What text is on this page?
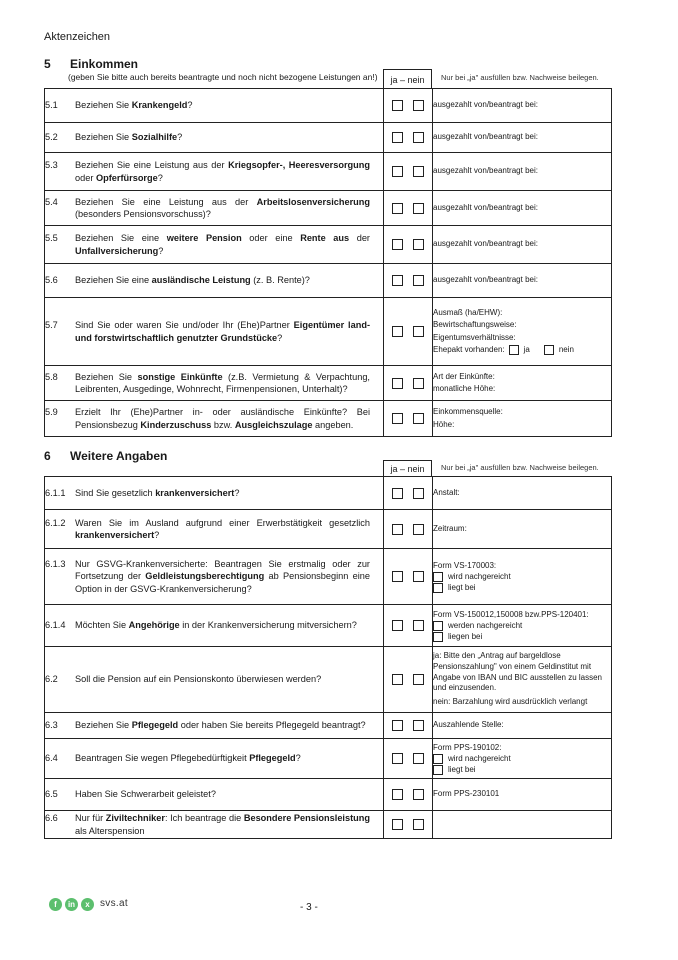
Aktenzeichen
5 Einkommen
(geben Sie bitte auch bereits beantragte und noch nicht bezogene Leistungen an!)	ja – nein	Nur bei „ja" ausfüllen bzw. Nachweise beilegen.
5.1 Beziehen Sie Krankengeld?		ausgezahlt von/beantragt bei:

5.2 Beziehen Sie Sozialhilfe?		ausgezahlt von/beantragt bei:

5.3 Beziehen Sie eine Leistung aus der Kriegsopfer-, Heeresversorgung oder Opferfürsorge?		ausgezahlt von/beantragt bei:

5.4 Beziehen Sie eine Leistung aus der Arbeitslosenversicherung (besonders Pensionsvorschuss)?		ausgezahlt von/beantragt bei:

5.5 Beziehen Sie eine weitere Pension oder eine Rente aus der Unfallversicherung?		ausgezahlt von/beantragt bei:

5.6 Beziehen Sie eine ausländische Leistung (z. B. Rente)?		ausgezahlt von/beantragt bei:

5.7 Sind Sie oder waren Sie und/oder Ihr (Ehe)Partner Eigentümer land- und forstwirtschaftlich genutzter Grundstücke?		Ausmaß (ha/EHW):
Bewirtschaftungsweise:
Eigentumsverhältnisse:
Ehepakt vorhanden: ja nein

5.8 Beziehen Sie sonstige Einkünfte (z.B. Vermietung & Verpachtung, Leibrenten, Ausgedinge, Wohnrecht, Firmenpensionen, Unterhalt)?		Art der Einkünfte:
monatliche Höhe:

5.9 Erzielt Ihr (Ehe)Partner in- oder ausländische Einkünfte? Bei Pensionsbezug Kinderzuschuss bzw. Ausgleichszulage angeben.		Einkommensquelle:
Höhe:
6 Weitere Angaben
ja – nein	Nur bei „ja" ausfüllen bzw. Nachweise beilegen.
6.1.1 Sind Sie gesetzlich krankenversichert?		Anstalt:

6.1.2 Waren Sie im Ausland aufgrund einer Erwerbstätigkeit gesetzlich krankenversichert?		Zeitraum:

6.1.3 Nur GSVG-Krankenversicherte: Beantragen Sie erstmalig oder zur Fortsetzung der Geldleistungsberechtigung ab Pensionsbeginn eine Option in der GSVG-Krankenversicherung?		Form VS-170003:
wird nachgereicht
liegt bei

6.1.4 Möchten Sie Angehörige in der Krankenversicherung mitversichern?		Form VS-150012,150008 bzw.PPS-120401:
werden nachgereicht
liegen bei

6.2 Soll die Pension auf ein Pensionskonto überwiesen werden?		ja: Bitte den „Antrag auf bargeldlose Pensionszahlung" von einem Geldinstitut mit Angabe von IBAN und BIC ausstellen zu lassen und einzusenden.
nein: Barzahlung wird ausdrücklich verlangt

6.3 Beziehen Sie Pflegegeld oder haben Sie bereits Pflegegeld beantragt?		Auszahlende Stelle:

6.4 Beantragen Sie wegen Pflegebedürftigkeit Pflegegeld?		Form PPS-190102:
wird nachgereicht
liegt bei

6.5 Haben Sie Schwerarbeit geleistet?		Form PPS-230101

6.6 Nur für Ziviltechniker: Ich beantrage die Besondere Pensionsleistung als Alterspension		
f	in	x	svs.at	- 3 -
